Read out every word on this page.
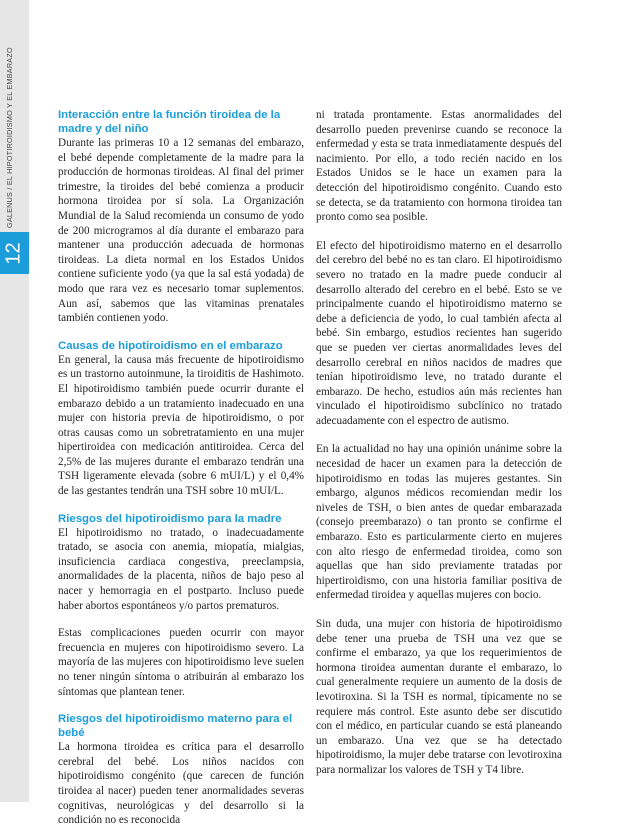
12
GALENUS / EL HIPOTIROIDISMO Y EL EMBARAZO	Interacción entre la función tiroidea de la madre y del niño

Durante las primeras 10 a 12 semanas del embarazo, el bebé depende completamente de la madre para la producción de hormonas tiroideas. Al final del primer trimestre, la tiroides del bebé comienza a producir hormona tiroidea por sí sola. La Organización Mundial de la Salud recomienda un consumo de yodo de 200 microgramos al día durante el embarazo para mantener una producción adecuada de hormonas tiroideas. La dieta normal en los Estados Unidos contiene suficiente yodo (ya que la sal está yodada) de modo que rara vez es necesario tomar suplementos. Aun así, sabemos que las vitaminas prenatales también contienen yodo.

Causas de hipotiroidismo en el embarazo

En general, la causa más frecuente de hipotiroidismo es un trastorno autoinmune, la tiroiditis de Hashimoto. El hipotiroidismo también puede ocurrir durante el embarazo debido a un tratamiento inadecuado en una mujer con historia previa de hipotiroidismo, o por otras causas como un sobretratamiento en una mujer hipertiroidea con medicación antitiroidea. Cerca del 2,5% de las mujeres durante el embarazo tendrán una TSH ligeramente elevada (sobre 6 mUI/L) y el 0,4% de las gestantes tendrán una TSH sobre 10 mUI/L.

Riesgos del hipotiroidismo para la madre

El hipotiroidismo no tratado, o inadecuadamente tratado, se asocia con anemia, miopatía, mialgias, insuficiencia cardiaca congestiva, preeclampsia, anormalidades de la placenta, niños de bajo peso al nacer y hemorragia en el postparto. Incluso puede haber abortos espontáneos y/o partos prematuros.

Estas complicaciones pueden ocurrir con mayor frecuencia en mujeres con hipotiroidismo severo. La mayoría de las mujeres con hipotiroidismo leve suelen no tener ningún síntoma o atribuirán al embarazo los síntomas que plantean tener.

Riesgos del hipotiroidismo materno para el bebé

La hormona tiroidea es crítica para el desarrollo cerebral del bebé. Los niños nacidos con hipotiroidismo congénito (que carecen de función tiroidea al nacer) pueden tener anormalidades severas cognitivas, neurológicas y del desarrollo si la condición no es reconocida

ni tratada prontamente. Estas anormalidades del desarrollo pueden prevenirse cuando se reconoce la enfermedad y esta se trata inmediatamente después del nacimiento. Por ello, a todo recién nacido en los Estados Unidos se le hace un examen para la detección del hipotiroidismo congénito. Cuando esto se detecta, se da tratamiento con hormona tiroidea tan pronto como sea posible.

El efecto del hipotiroidismo materno en el desarrollo del cerebro del bebé no es tan claro. El hipotiroidismo severo no tratado en la madre puede conducir al desarrollo alterado del cerebro en el bebé. Esto se ve principalmente cuando el hipotiroidismo materno se debe a deficiencia de yodo, lo cual también afecta al bebé. Sin embargo, estudios recientes han sugerido que se pueden ver ciertas anormalidades leves del desarrollo cerebral en niños nacidos de madres que tenían hipotiroidismo leve, no tratado durante el embarazo. De hecho, estudios aún más recientes han vinculado el hipotiroidismo subclínico no tratado adecuadamente con el espectro de autismo.

En la actualidad no hay una opinión unánime sobre la necesidad de hacer un examen para la detección de hipotiroidismo en todas las mujeres gestantes. Sin embargo, algunos médicos recomiendan medir los niveles de TSH, o bien antes de quedar embarazada (consejo preembarazo) o tan pronto se confirme el embarazo. Esto es particularmente cierto en mujeres con alto riesgo de enfermedad tiroidea, como son aquellas que han sido previamente tratadas por hipertiroidismo, con una historia familiar positiva de enfermedad tiroidea y aquellas mujeres con bocio.

Sin duda, una mujer con historia de hipotiroidismo debe tener una prueba de TSH una vez que se confirme el embarazo, ya que los requerimientos de hormona tiroidea aumentan durante el embarazo, lo cual generalmente requiere un aumento de la dosis de levotiroxina. Si la TSH es normal, típicamente no se requiere más control. Este asunto debe ser discutido con el médico, en particular cuando se está planeando un embarazo. Una vez que se ha detectado hipotiroidismo, la mujer debe tratarse con levotiroxina para normalizar los valores de TSH y T4 libre.
